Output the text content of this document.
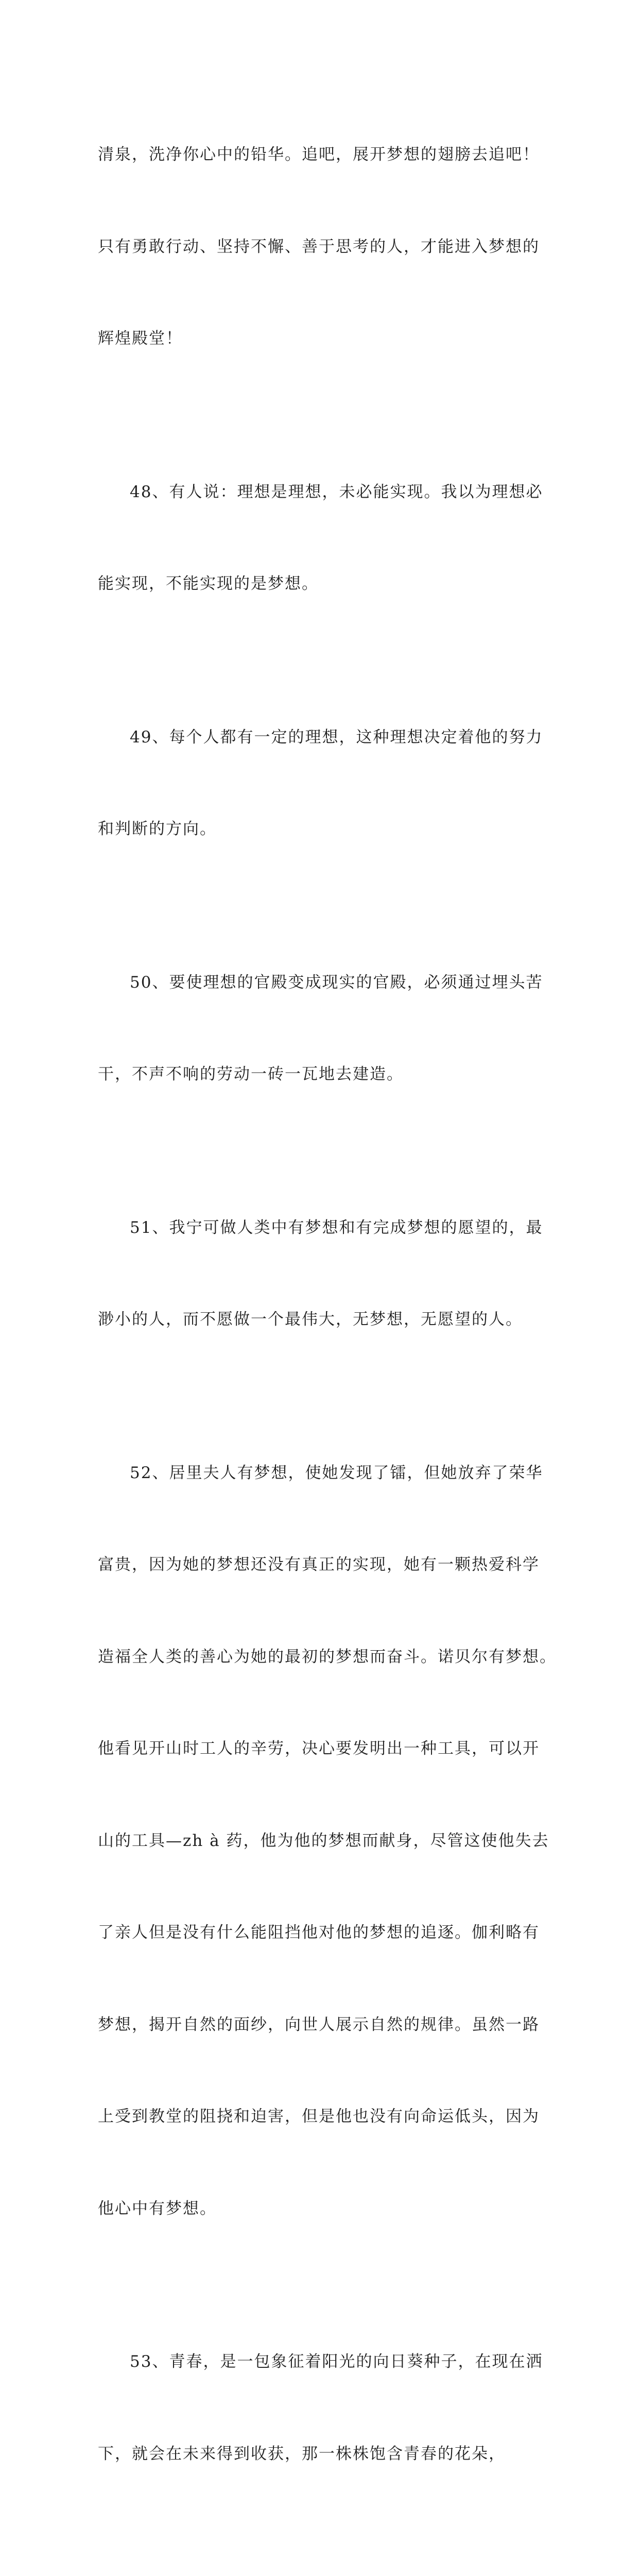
清泉，洗净你心中的铅华。追吧，展开梦想的翅膀去追吧！

只有勇敢行动、坚持不懈、善于思考的人，才能进入梦想的

辉煌殿堂！

48、有人说：理想是理想，未必能实现。我以为理想必

能实现，不能实现的是梦想。

49、每个人都有一定的理想，这种理想决定着他的努力

和判断的方向。

50、要使理想的官殿变成现实的官殿，必须通过埋头苦

干，不声不响的劳动一砖一瓦地去建造。

51、我宁可做人类中有梦想和有完成梦想的愿望的，最

渺小的人，而不愿做一个最伟大，无梦想，无愿望的人。

52、居里夫人有梦想，使她发现了镭，但她放弃了荣华

富贵，因为她的梦想还没有真正的实现，她有一颗热爱科学

造福全人类的善心为她的最初的梦想而奋斗。诺贝尔有梦想。

他看见开山时工人的辛劳，决心要发明出一种工具，可以开

山的工具—zh à 药，他为他的梦想而献身，尽管这使他失去

了亲人但是没有什么能阻挡他对他的梦想的追逐。伽利略有

梦想，揭开自然的面纱，向世人展示自然的规律。虽然一路

上受到教堂的阻挠和迫害，但是他也没有向命运低头，因为

他心中有梦想。

53、青春，是一包象征着阳光的向日葵种子，在现在洒

下，就会在未来得到收获，那一株株饱含青春的花朵，
